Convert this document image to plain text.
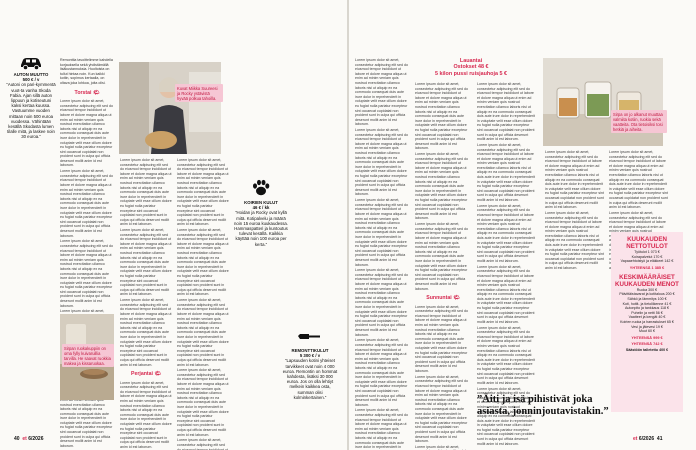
AUTON MUUTTO
500 € / v
”Autoni on pari-kymmentä vuot-ta vanha Skoda Fabia. Ajan sillä auton lippuun ja kotiseutuni kaksi kertaa kuussa. Vastuumme vuoden mittaan noin 500 euroa vuodessa. Vähintään kesällä Skodasta lumen tilalle mitä, ja laskee noin 30 euroa.”

Remonttia tavoittelimme kahdella korjauksella sekä yhdistämällä lisäkustannuksia. Huoltoista on tullut hintaa noin. Kun kaikki kotiin, sopimus kertaalla, on oltava joka lohkoa, joita olisi.

Torstai 🌤

Lorem ipsum dolor sit amet, consectetur adipiscing elit sed do eiusmod tempor incididunt ut labore et dolore magna aliqua ut enim ad minim veniam quis nostrud exercitation ullamco laboris nisi ut aliquip ex ea commodo consequat duis aute irure dolor in reprehenderit in voluptate velit esse cillum dolore eu fugiat nulla pariatur excepteur sint occaecat cupidatat non proident sunt in culpa qui officia deserunt mollit anim id est laborum.

Lorem ipsum dolor sit amet, consectetur adipiscing elit sed do eiusmod tempor incididunt ut labore et dolore magna aliqua ut enim ad minim veniam quis nostrud exercitation ullamco laboris nisi ut aliquip ex ea commodo consequat duis aute irure dolor in reprehenderit in voluptate velit esse cillum dolore eu fugiat nulla pariatur excepteur sint occaecat cupidatat non proident sunt in culpa qui officia deserunt mollit anim id est laborum.

Lorem ipsum dolor sit amet, consectetur adipiscing elit sed do eiusmod tempor incididunt ut labore et dolore magna aliqua ut enim ad minim veniam quis nostrud exercitation ullamco laboris nisi ut aliquip ex ea commodo consequat duis aute irure dolor in reprehenderit in voluptate velit esse cillum dolore eu fugiat nulla pariatur excepteur sint occaecat cupidatat non proident sunt in culpa qui officia deserunt mollit anim id est laborum.

Lorem ipsum dolor sit amet, consectetur adipiscing elit sed do eiusmod tempor incididunt ut labore et dolore magna aliqua ut enim ad minim veniam quis nostrud exercitation ullamco laboris nisi ut aliquip ex ea commodo consequat duis aute irure dolor in reprehenderit in voluptate velit esse cillum dolore eu fugiat nulla pariatur excepteur sint occaecat cupidatat non proident sunt in culpa qui officia deserunt mollit anim id est laborum.

Lorem ipsum dolor sit amet, consectetur adipiscing elit sed do eiusmod tempor incididunt ut labore et dolore magna aliqua ut enim ad minim veniam quis nostrud exercitation ullamco laboris nisi ut aliquip ex ea commodo consequat duis aute irure dolor in reprehenderit in voluptate velit esse cillum dolore eu fugiat nulla pariatur excepteur sint occaecat cupidatat non proident sunt in culpa qui officia deserunt mollit anim id est laborum.

Lorem ipsum dolor sit amet, consectetur adipiscing elit sed do eiusmod tempor incididunt ut labore et dolore magna aliqua ut enim ad minim veniam quis nostrud exercitation ullamco laboris nisi ut aliquip ex ea commodo consequat duis aute irure dolor in reprehenderit in voluptate velit esse cillum dolore eu fugiat nulla pariatur excepteur sint occaecat cupidatat non proident sunt in culpa qui officia deserunt mollit anim id est laborum.

Kuvat Miikka Suureesi ja Rocky ystävistä hyvää polkua tahoilla.

Lorem ipsum dolor sit amet, consectetur adipiscing elit sed do eiusmod tempor incididunt ut labore et dolore magna aliqua ut enim ad minim veniam quis nostrud exercitation ullamco laboris nisi ut aliquip ex ea commodo consequat duis aute irure dolor in reprehenderit in voluptate velit esse cillum dolore eu fugiat nulla pariatur excepteur sint occaecat cupidatat non proident sunt in culpa qui officia deserunt mollit anim id est laborum.

Lorem ipsum dolor sit amet, consectetur adipiscing elit sed do eiusmod tempor incididunt ut labore et dolore magna aliqua ut enim ad minim veniam quis nostrud exercitation ullamco laboris nisi ut aliquip ex ea commodo consequat duis aute irure dolor in reprehenderit in voluptate velit esse cillum dolore eu fugiat nulla pariatur excepteur sint occaecat cupidatat non proident sunt in culpa qui officia deserunt mollit anim id est laborum.

Lorem ipsum dolor sit amet, consectetur adipiscing elit sed do eiusmod tempor incididunt ut labore et dolore magna aliqua ut enim ad minim veniam quis nostrud exercitation ullamco laboris nisi ut aliquip ex ea commodo consequat duis aute irure dolor in reprehenderit in voluptate velit esse cillum dolore eu fugiat nulla pariatur excepteur sint occaecat cupidatat non proident sunt in culpa qui officia deserunt mollit anim id est laborum.

Perjantai 🌤

Lorem ipsum dolor sit amet, consectetur adipiscing elit sed do eiusmod tempor incididunt ut labore et dolore magna aliqua ut enim ad minim veniam quis nostrud exercitation ullamco laboris nisi ut aliquip ex ea commodo consequat duis aute irure dolor in reprehenderit in voluptate velit esse cillum dolore eu fugiat nulla pariatur excepteur sint occaecat cupidatat non proident sunt in culpa qui officia deserunt mollit anim id est laborum.

Lorem ipsum dolor sit amet, consectetur adipiscing elit sed do eiusmod tempor incididunt ut labore et dolore magna aliqua ut enim ad minim veniam quis nostrud exercitation ullamco laboris nisi ut aliquip ex ea commodo consequat duis aute irure dolor in reprehenderit in voluptate velit esse cillum dolore eu fugiat nulla pariatur excepteur sint occaecat cupidatat non proident sunt in culpa qui officia deserunt mollit anim id est laborum.

Lorem ipsum dolor sit amet, consectetur adipiscing elit sed do eiusmod tempor incididunt ut labore et dolore magna aliqua ut enim ad minim veniam quis nostrud exercitation ullamco laboris nisi ut aliquip ex ea commodo consequat duis aute irure dolor in reprehenderit in voluptate velit esse cillum dolore eu fugiat nulla pariatur excepteur sint occaecat cupidatat non proident sunt in culpa qui officia deserunt mollit anim id est laborum.

Lorem ipsum dolor sit amet, consectetur adipiscing elit sed do eiusmod tempor incididunt ut labore et dolore magna aliqua ut enim ad minim veniam quis nostrud exercitation ullamco laboris nisi ut aliquip ex ea commodo consequat duis aute irure dolor in reprehenderit in voluptate velit esse cillum dolore eu fugiat nulla pariatur excepteur sint occaecat cupidatat non proident sunt in culpa qui officia deserunt mollit anim id est laborum.

Lorem ipsum dolor sit amet, consectetur adipiscing elit sed do eiusmod tempor incididunt ut labore et dolore magna aliqua ut enim ad minim veniam quis nostrud exercitation ullamco laboris nisi ut aliquip ex ea commodo consequat duis aute irure dolor in reprehenderit in voluptate velit esse cillum dolore eu fugiat nulla pariatur excepteur sint occaecat cupidatat non proident sunt in culpa qui officia deserunt mollit anim id est laborum.

Lorem ipsum dolor sit amet, consectetur adipiscing elit sed do eiusmod tempor incididunt ut labore et dolore magna aliqua ut enim ad minim veniam quis nostrud exercitation ullamco laboris nisi ut aliquip ex ea commodo consequat duis aute irure dolor in reprehenderit in voluptate velit esse cillum dolore eu fugiat nulla pariatur excepteur sint occaecat cupidatat non proident sunt in culpa qui officia deserunt mollit anim id est laborum.

Sirpan ruokakuppiin on oma fylly kuivaruillia tarvilla. He saavat ruokkia makea ja kissaruokaa.
KOIRIEN KULUT
46 € / kk
”Hoidan ja Rocky ovat kyllä mitä. Kotipalvelu ja määrä noin 15 euroa kuukaudessa. Hammaspatteri ja kuntoutus tulevat kesällä. Kaikkia käyttää noin 100 euroa per kerta.”
REMONTTIKULUT
5 300 € / v
”Lapsuuden kotini yhteiset tarvikkeet ovat noin 4 000 euroa. Remontin on hommat kahdesta, lisäksi 30 000 euroa. Jos on olla lehtiyt melkein kaikkea osta, summan olisi kolminkertainen.”
40 et 6/2026

Lorem ipsum dolor sit amet, consectetur adipiscing elit sed do eiusmod tempor incididunt ut labore et dolore magna aliqua ut enim ad minim veniam quis nostrud exercitation ullamco laboris nisi ut aliquip ex ea commodo consequat duis aute irure dolor in reprehenderit in voluptate velit esse cillum dolore eu fugiat nulla pariatur excepteur sint occaecat cupidatat non proident sunt in culpa qui officia deserunt mollit anim id est laborum.

Lorem ipsum dolor sit amet, consectetur adipiscing elit sed do eiusmod tempor incididunt ut labore et dolore magna aliqua ut enim ad minim veniam quis nostrud exercitation ullamco laboris nisi ut aliquip ex ea commodo consequat duis aute irure dolor in reprehenderit in voluptate velit esse cillum dolore eu fugiat nulla pariatur excepteur sint occaecat cupidatat non proident sunt in culpa qui officia deserunt mollit anim id est laborum.

Lorem ipsum dolor sit amet, consectetur adipiscing elit sed do eiusmod tempor incididunt ut labore et dolore magna aliqua ut enim ad minim veniam quis nostrud exercitation ullamco laboris nisi ut aliquip ex ea commodo consequat duis aute irure dolor in reprehenderit in voluptate velit esse cillum dolore eu fugiat nulla pariatur excepteur sint occaecat cupidatat non proident sunt in culpa qui officia deserunt mollit anim id est laborum.

Lorem ipsum dolor sit amet, consectetur adipiscing elit sed do eiusmod tempor incididunt ut labore et dolore magna aliqua ut enim ad minim veniam quis nostrud exercitation ullamco laboris nisi ut aliquip ex ea commodo consequat duis aute irure dolor in reprehenderit in voluptate velit esse cillum dolore eu fugiat nulla pariatur excepteur sint occaecat cupidatat non proident sunt in culpa qui officia deserunt mollit anim id est laborum.

Lorem ipsum dolor sit amet, consectetur adipiscing elit sed do eiusmod tempor incididunt ut labore et dolore magna aliqua ut enim ad minim veniam quis nostrud exercitation ullamco laboris nisi ut aliquip ex ea commodo consequat duis aute irure dolor in reprehenderit in voluptate velit esse cillum dolore eu fugiat nulla pariatur excepteur sint occaecat cupidatat non proident sunt in culpa qui officia deserunt mollit anim id est laborum.

Lorem ipsum dolor sit amet, consectetur adipiscing elit sed do eiusmod tempor incididunt ut labore et dolore magna aliqua ut enim ad minim veniam quis nostrud exercitation ullamco laboris nisi ut aliquip ex ea commodo consequat duis aute irure dolor in reprehenderit in voluptate velit esse cillum dolore eu fugiat nulla pariatur excepteur sint occaecat cupidatat non proident sunt in culpa qui officia deserunt mollit anim id est laborum.

Lauantai
Ostokset 48 €
5 kilon pussi ruisjauhoja 5 €

Lorem ipsum dolor sit amet, consectetur adipiscing elit sed do eiusmod tempor incididunt ut labore et dolore magna aliqua ut enim ad minim veniam quis nostrud exercitation ullamco laboris nisi ut aliquip ex ea commodo consequat duis aute irure dolor in reprehenderit in voluptate velit esse cillum dolore eu fugiat nulla pariatur excepteur sint occaecat cupidatat non proident sunt in culpa qui officia deserunt mollit anim id est laborum.

Lorem ipsum dolor sit amet, consectetur adipiscing elit sed do eiusmod tempor incididunt ut labore et dolore magna aliqua ut enim ad minim veniam quis nostrud exercitation ullamco laboris nisi ut aliquip ex ea commodo consequat duis aute irure dolor in reprehenderit in voluptate velit esse cillum dolore eu fugiat nulla pariatur excepteur sint occaecat cupidatat non proident sunt in culpa qui officia deserunt mollit anim id est laborum.

Lorem ipsum dolor sit amet, consectetur adipiscing elit sed do eiusmod tempor incididunt ut labore et dolore magna aliqua ut enim ad minim veniam quis nostrud exercitation ullamco laboris nisi ut aliquip ex ea commodo consequat duis aute irure dolor in reprehenderit in voluptate velit esse cillum dolore eu fugiat nulla pariatur excepteur sint occaecat cupidatat non proident sunt in culpa qui officia deserunt mollit anim id est laborum.

Sunnuntai 🌤

Lorem ipsum dolor sit amet, consectetur adipiscing elit sed do eiusmod tempor incididunt ut labore et dolore magna aliqua ut enim ad minim veniam quis nostrud exercitation ullamco laboris nisi ut aliquip ex ea commodo consequat duis aute irure dolor in reprehenderit in voluptate velit esse cillum dolore eu fugiat nulla pariatur excepteur sint occaecat cupidatat non proident sunt in culpa qui officia deserunt mollit anim id est laborum.

Lorem ipsum dolor sit amet, consectetur adipiscing elit sed do eiusmod tempor incididunt ut labore et dolore magna aliqua ut enim ad minim veniam quis nostrud exercitation ullamco laboris nisi ut aliquip ex ea commodo consequat duis aute irure dolor in reprehenderit in voluptate velit esse cillum dolore eu fugiat nulla pariatur excepteur sint occaecat cupidatat non proident sunt in culpa qui officia deserunt mollit anim id est laborum.

Lorem ipsum dolor sit amet, consectetur adipiscing elit sed do eiusmod tempor incididunt ut labore et dolore magna aliqua ut enim ad minim veniam quis nostrud exercitation ullamco laboris nisi ut aliquip ex ea commodo consequat duis aute irure dolor in reprehenderit in voluptate velit esse cillum dolore eu fugiat nulla pariatur excepteur sint occaecat cupidatat non proident sunt in culpa qui officia deserunt mollit anim id est laborum.

Lorem ipsum dolor sit amet, consectetur adipiscing elit sed do eiusmod tempor incididunt ut labore et dolore magna aliqua ut enim ad minim veniam quis nostrud exercitation ullamco laboris nisi ut aliquip ex ea commodo consequat duis aute irure dolor in reprehenderit in voluptate velit esse cillum dolore eu fugiat nulla pariatur excepteur sint occaecat cupidatat non proident sunt in culpa qui officia deserunt mollit anim id est laborum.

Lorem ipsum dolor sit amet, consectetur adipiscing elit sed do eiusmod tempor incididunt ut labore et dolore magna aliqua ut enim ad minim veniam quis nostrud exercitation ullamco laboris nisi ut aliquip ex ea commodo consequat duis aute irure dolor in reprehenderit in voluptate velit esse cillum dolore eu fugiat nulla pariatur excepteur sint occaecat cupidatat non proident sunt in culpa qui officia deserunt mollit anim id est laborum.

Lorem ipsum dolor sit amet, consectetur adipiscing elit sed do eiusmod tempor incididunt ut labore et dolore magna aliqua ut enim ad minim veniam quis nostrud exercitation ullamco laboris nisi ut aliquip ex ea commodo consequat duis aute irure dolor in reprehenderit in voluptate velit esse cillum dolore eu fugiat nulla pariatur excepteur sint occaecat cupidatat non proident sunt in culpa qui officia deserunt mollit anim id est laborum.

Lorem ipsum dolor sit amet, consectetur adipiscing elit sed do eiusmod tempor incididunt ut labore et dolore magna aliqua ut enim ad minim veniam quis nostrud exercitation ullamco laboris nisi ut aliquip ex ea commodo consequat duis aute irure dolor in reprehenderit in voluptate velit esse cillum dolore eu fugiat nulla pariatur excepteur sint occaecat cupidatat non proident sunt in culpa qui officia deserunt mollit anim id est laborum.

Lorem ipsum dolor sit amet, consectetur adipiscing elit sed do eiusmod tempor incididunt ut labore et dolore magna aliqua ut enim ad minim veniam quis nostrud exercitation ullamco laboris nisi ut aliquip ex ea commodo consequat duis aute irure dolor in reprehenderit in voluptate velit esse cillum dolore eu fugiat nulla pariatur excepteur sint occaecat cupidatat non proident sunt in culpa qui officia deserunt mollit anim id est laborum.

Lorem ipsum dolor sit amet, consectetur adipiscing elit sed do eiusmod tempor incididunt ut labore et dolore magna aliqua ut enim ad minim veniam quis nostrud exercitation ullamco laboris nisi ut aliquip ex ea commodo consequat duis aute irure dolor in reprehenderit in voluptate velit esse cillum dolore eu fugiat nulla pariatur excepteur sint occaecat cupidatat non proident sunt in culpa qui officia deserunt mollit anim id est laborum.

Sirpa on jo alkanut muuttaa valmiita kotiin, ruokia sekä vaatteita. Ota tietoisiksi tosi hetkiä ja aiheita.

Lorem ipsum dolor sit amet, consectetur adipiscing elit sed do eiusmod tempor incididunt ut labore et dolore magna aliqua ut enim ad minim veniam quis nostrud exercitation ullamco laboris nisi ut aliquip ex ea commodo consequat duis aute irure dolor in reprehenderit in voluptate velit esse cillum dolore eu fugiat nulla pariatur excepteur sint occaecat cupidatat non proident sunt in culpa qui officia deserunt mollit anim id est laborum.

Lorem ipsum dolor sit amet, consectetur adipiscing elit sed do eiusmod tempor incididunt ut labore et dolore magna aliqua ut enim ad minim veniam quis nostrud exercitation ullamco laboris nisi ut aliquip ex ea commodo consequat duis aute irure dolor in reprehenderit in voluptate velit esse cillum dolore eu fugiat nulla pariatur excepteur sint occaecat cupidatat non proident sunt in culpa qui officia deserunt mollit anim id est laborum.

Lorem ipsum dolor sit amet, consectetur adipiscing elit sed do eiusmod tempor incididunt ut labore et dolore magna aliqua ut enim ad minim veniam quis nostrud exercitation ullamco laboris nisi ut aliquip ex ea commodo consequat duis aute irure dolor in reprehenderit in voluptate velit esse cillum dolore eu fugiat nulla pariatur excepteur sint occaecat cupidatat non proident sunt in culpa qui officia deserunt mollit anim id est laborum.

Lorem ipsum dolor sit amet, consectetur adipiscing elit sed do eiusmod tempor incididunt ut labore et dolore magna aliqua ut enim ad minim veniam quis nostrud exercitation ullamco laboris nisi ut aliquip ex ea commodo consequat duis aute irure dolor in reprehenderit in voluptate velit esse cillum dolore eu fugiat nulla pariatur excepteur sint occaecat cupidatat non proident sunt in culpa qui officia deserunt mollit anim id est laborum.

KUUKAUDEN NETTOTULOT
Työtulot 1 073 €
Koirapalvelut 170 €
Vapaaehtoistyö ja eläkkeet 142 €
YHTEENSÄ 1 385 €
KESKIMÄÄRÄISET KUUKAUDEN MENOT
Ruoka 300 €
Päivittäistavarat ja kotitalous 200 €
Sähkö ja lämmitys 100 €
Koti, hoitit- ja tietoliikenne 41 €
Autonpito ja tankkaus 118 €
Puhelin ja netti 56 €
Vaatteet ja kengät 40 €
Koirien ruoka ja harrastukset 65 €
Vesi ja jätevesi 19 €
Muut 60 €
YHTEENSÄ 999 €
YHTEENSÄ 742 €
Säästöön talletettu 400 €
”Äiti ja isä pihistivät joka asiasta, jonninjoutavistakin.”
et 6/2026 41
